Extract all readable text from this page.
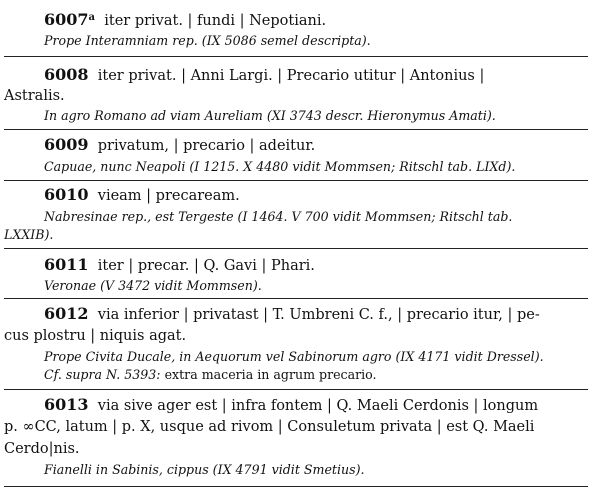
6007$^a$ iter privat. | fundi | Nepotiani.
Prope Interamniam rep. (IX 5086 semel descripta).
6008 iter privat. | Anni Largi. | Precario utitur | Antonius |
Astralis.
In agro Romano ad viam Aureliam (XI 3743 descr. Hieronymus Amati).
6009 privatum, | precario | adeitur.
Capuae, nunc Neapoli (I 1215. X 4480 vidit Mommsen; Ritschl tab. LIXd).
6010 vieam | precaream.
Nabresinae rep., est Tergeste (I 1464. V 700 vidit Mommsen; Ritschl tab.
LXXIB).
6011 iter | precar. | Q. Gavi | Phari.
Veronae (V 3472 vidit Mommsen).
6012 via inferior | privatast | T. Umbreni C. f., | precario itur, | pe-
cus plostru | niquis agat.
Prope Civita Ducale, in Aequorum vel Sabinorum agro (IX 4171 vidit Dressel).
Cf. supra N. 5393: extra maceria in agrum precario.
6013 via sive ager est | infra fontem | Q. Maeli Cerdonis | longum
p. ∞CC, latum | p. X, usque ad rivom | Consuletum privata | est Q. Maeli
Cerdo|nis.
Fianelli in Sabinis, cippus (IX 4791 vidit Smetius).
